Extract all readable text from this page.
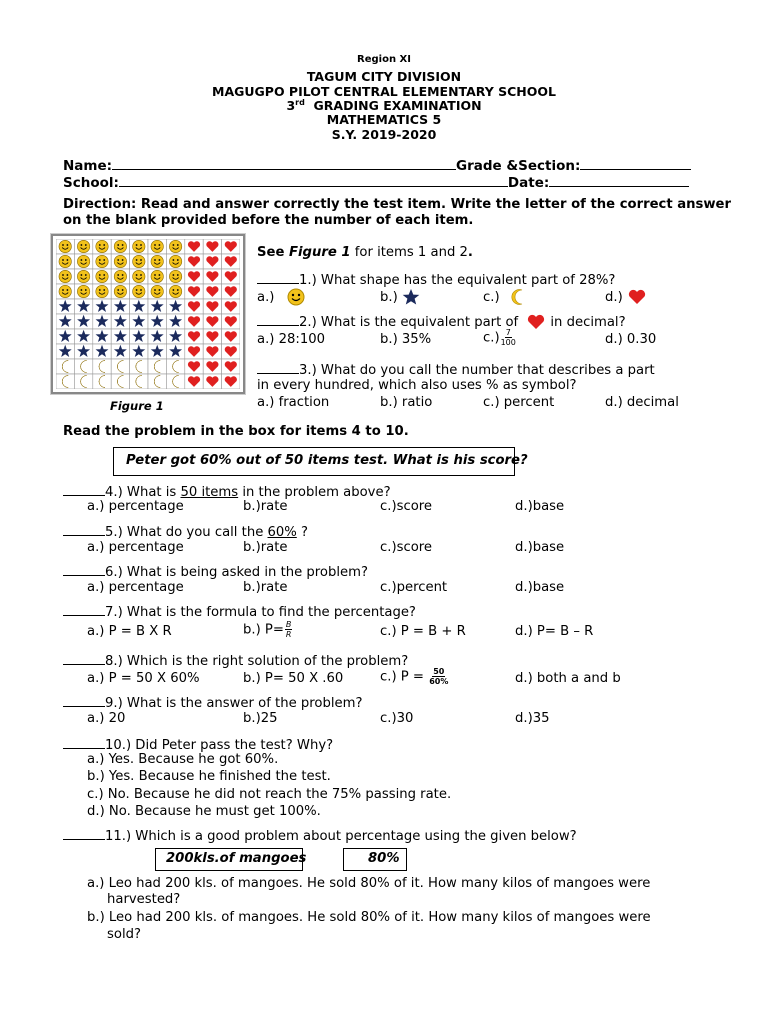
Region XI
TAGUM CITY DIVISION
MAGUGPO PILOT CENTRAL ELEMENTARY SCHOOL
3rd GRADING EXAMINATION
MATHEMATICS 5
S.Y. 2019-2020
Name:	Grade &Section:
School:	Date:
Direction: Read and answer correctly the test item. Write the letter of the correct answer
on the blank provided before the number of each item.
Figure 1
See Figure 1 for items 1 and 2.
1.) What shape has the equivalent part of 28%?
a.)	b.)	c.)	d.)
2.) What is the equivalent part of in decimal?
a.) 28:100	b.) 35%	$c.) \frac{7}{100}$	d.) 0.30
3.) What do you call the number that describes a part
in every hundred, which also uses % as symbol?
a.) fraction	b.) ratio	c.) percent	d.) decimal
Read the problem in the box for items 4 to 10.
Peter got 60% out of 50 items test. What is his score?
4.) What is 50 items in the problem above?
a.) percentage	b.)rate	c.)score	d.)base
5.) What do you call the 60% ?
a.) percentage	b.)rate	c.)score	d.)base
6.) What is being asked in the problem?
a.) percentage	b.)rate	c.)percent	d.)base
7.) What is the formula to find the percentage?
a.) P = B X R	b.) $P= \frac{B}{R}$	c.) P = B + R	d.) P= B – R
8.) Which is the right solution of the problem?
a.) P = 50 X 60%	b.) P= 50 X .60	c.) $P = \frac{50}{60\%}$	d.) both a and b
9.) What is the answer of the problem?
a.) 20	b.)25	c.)30	d.)35
10.) Did Peter pass the test? Why?
a.) Yes. Because he got 60%.
b.) Yes. Because he finished the test.
c.) No. Because he did not reach the 75% passing rate.
d.) No. Because he must get 100%.
11.) Which is a good problem about percentage using the given below?
200kls.of mangoes	80%
a.) Leo had 200 kls. of mangoes. He sold 80% of it. How many kilos of mangoes were
harvested?
b.) Leo had 200 kls. of mangoes. He sold 80% of it. How many kilos of mangoes were
sold?
